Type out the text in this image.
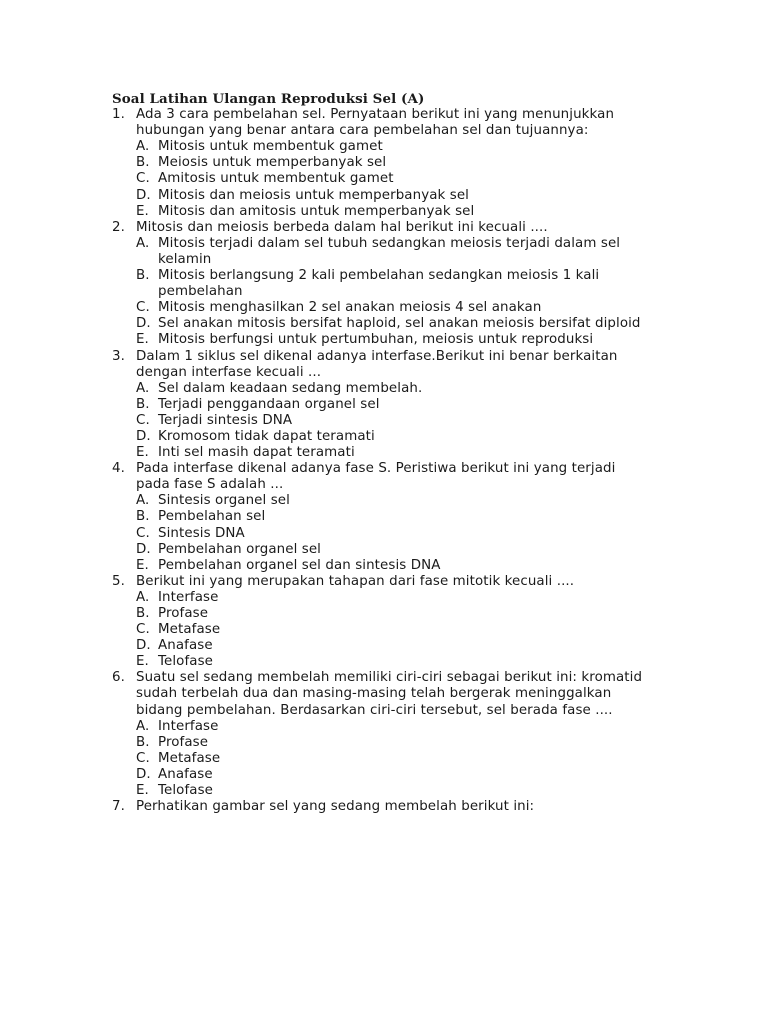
Soal Latihan Ulangan Reproduksi Sel (A)
1. Ada 3 cara pembelahan sel. Pernyataan berikut ini yang menunjukkan hubungan yang benar antara cara pembelahan sel dan tujuannya:
A. Mitosis untuk membentuk gamet
B. Meiosis untuk memperbanyak sel
C. Amitosis untuk membentuk gamet
D. Mitosis dan meiosis untuk memperbanyak sel
E. Mitosis dan amitosis untuk memperbanyak sel
2. Mitosis dan meiosis berbeda dalam hal berikut ini kecuali ....
A. Mitosis terjadi dalam sel tubuh sedangkan meiosis terjadi dalam sel kelamin
B. Mitosis berlangsung 2 kali pembelahan sedangkan meiosis 1 kali pembelahan
C. Mitosis menghasilkan 2 sel anakan meiosis 4 sel anakan
D. Sel anakan mitosis bersifat haploid, sel anakan meiosis bersifat diploid
E. Mitosis berfungsi untuk pertumbuhan, meiosis untuk reproduksi
3. Dalam 1 siklus sel dikenal adanya interfase.Berikut ini benar berkaitan dengan interfase kecuali ...
A. Sel dalam keadaan sedang membelah.
B. Terjadi penggandaan organel sel
C. Terjadi sintesis DNA
D. Kromosom tidak dapat teramati
E. Inti sel masih dapat teramati
4. Pada interfase dikenal adanya fase S. Peristiwa berikut ini yang terjadi pada fase S adalah ...
A. Sintesis organel sel
B. Pembelahan sel
C. Sintesis DNA
D. Pembelahan organel sel
E. Pembelahan organel sel dan sintesis DNA
5. Berikut ini yang merupakan tahapan dari fase mitotik kecuali ....
A. Interfase
B. Profase
C. Metafase
D. Anafase
E. Telofase
6. Suatu sel sedang membelah memiliki ciri-ciri sebagai berikut ini: kromatid sudah terbelah dua dan masing-masing telah bergerak meninggalkan bidang pembelahan. Berdasarkan ciri-ciri tersebut, sel berada fase ....
A. Interfase
B. Profase
C. Metafase
D. Anafase
E. Telofase
7. Perhatikan gambar sel yang sedang membelah berikut ini:
